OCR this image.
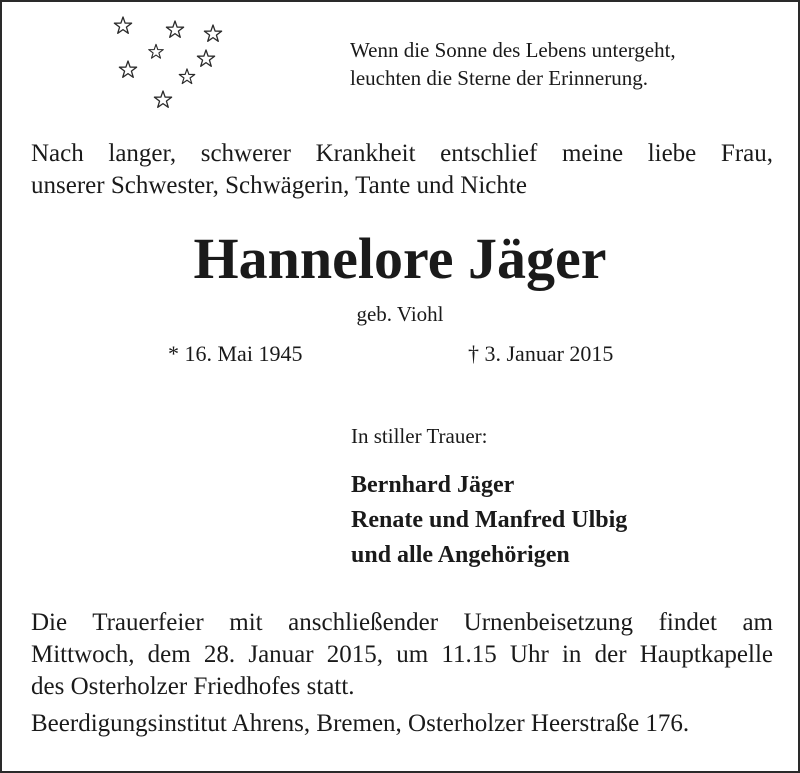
Wenn die Sonne des Lebens untergeht,
leuchten die Sterne der Erinnerung.
Nach langer, schwerer Krankheit entschlief meine liebe Frau,
unserer Schwester, Schwägerin, Tante und Nichte
Hannelore Jäger
geb. Viohl
* 16. Mai 1945	† 3. Januar 2015
In stiller Trauer:
Bernhard Jäger
Renate und Manfred Ulbig
und alle Angehörigen
Die Trauerfeier mit anschließender Urnenbeisetzung findet am
Mittwoch, dem 28. Januar 2015, um 11.15 Uhr in der Hauptkapelle
des Osterholzer Friedhofes statt.
Beerdigungsinstitut Ahrens, Bremen, Osterholzer Heerstraße 176.
